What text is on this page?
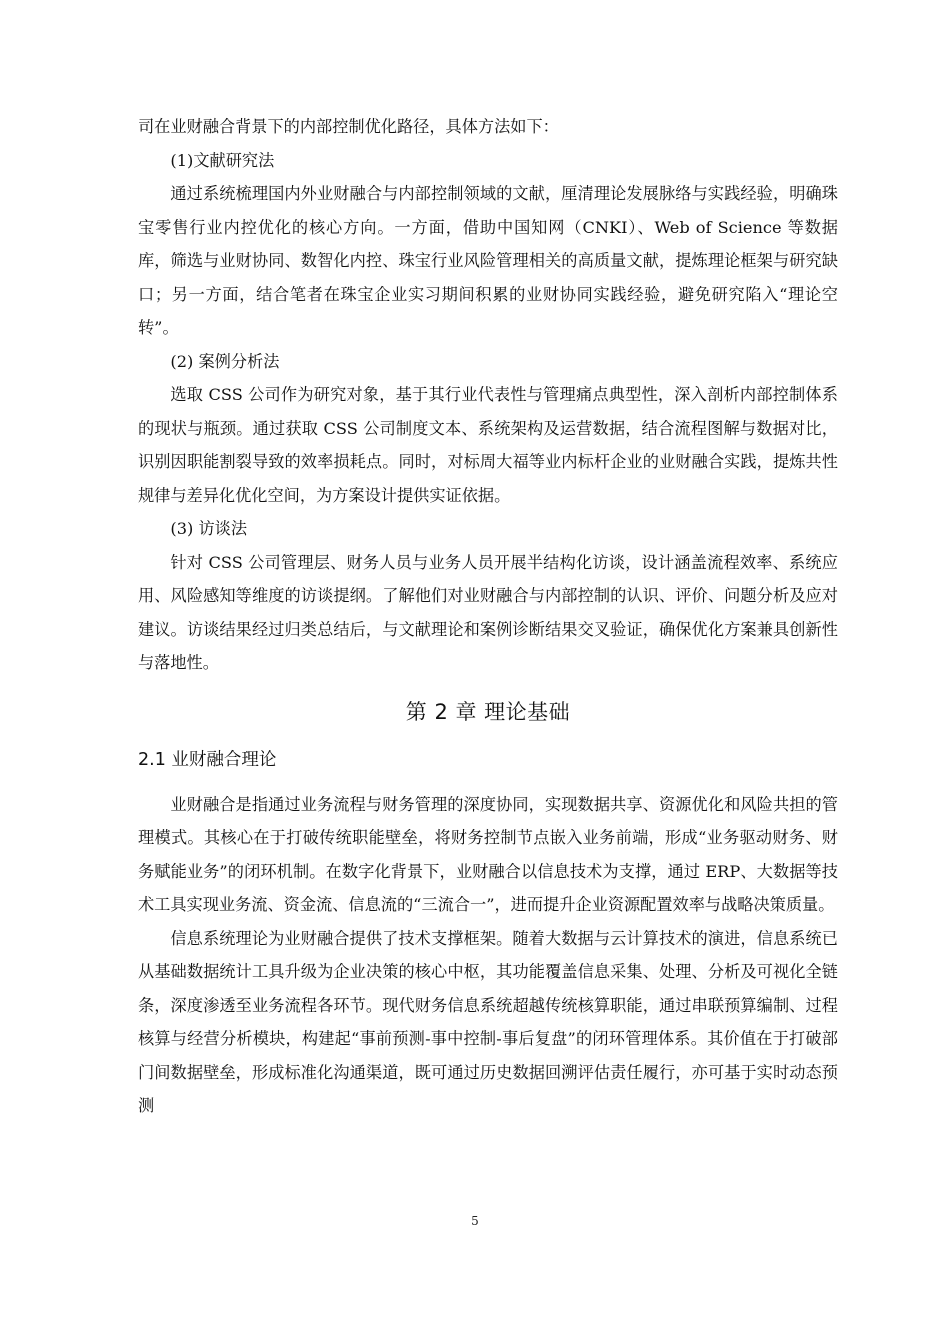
司在业财融合背景下的内部控制优化路径，具体方法如下：

(1)文献研究法

通过系统梳理国内外业财融合与内部控制领域的文献，厘清理论发展脉络与实践经验，明确珠宝零售行业内控优化的核心方向。一方面，借助中国知网（CNKI）、Web of Science 等数据库，筛选与业财协同、数智化内控、珠宝行业风险管理相关的高质量文献，提炼理论框架与研究缺口；另一方面，结合笔者在珠宝企业实习期间积累的业财协同实践经验，避免研究陷入“理论空转”。

(2) 案例分析法

选取 CSS 公司作为研究对象，基于其行业代表性与管理痛点典型性，深入剖析内部控制体系的现状与瓶颈。通过获取 CSS 公司制度文本、系统架构及运营数据，结合流程图解与数据对比，识别因职能割裂导致的效率损耗点。同时，对标周大福等业内标杆企业的业财融合实践，提炼共性规律与差异化优化空间，为方案设计提供实证依据。

(3) 访谈法

针对 CSS 公司管理层、财务人员与业务人员开展半结构化访谈，设计涵盖流程效率、系统应用、风险感知等维度的访谈提纲。了解他们对业财融合与内部控制的认识、评价、问题分析及应对建议。访谈结果经过归类总结后，与文献理论和案例诊断结果交叉验证，确保优化方案兼具创新性与落地性。

第 2 章 理论基础
2.1 业财融合理论

业财融合是指通过业务流程与财务管理的深度协同，实现数据共享、资源优化和风险共担的管理模式。其核心在于打破传统职能壁垒，将财务控制节点嵌入业务前端，形成“业务驱动财务、财务赋能业务”的闭环机制。在数字化背景下，业财融合以信息技术为支撑，通过 ERP、大数据等技术工具实现业务流、资金流、信息流的“三流合一”，进而提升企业资源配置效率与战略决策质量。

信息系统理论为业财融合提供了技术支撑框架。随着大数据与云计算技术的演进，信息系统已从基础数据统计工具升级为企业决策的核心中枢，其功能覆盖信息采集、处理、分析及可视化全链条，深度渗透至业务流程各环节。现代财务信息系统超越传统核算职能，通过串联预算编制、过程核算与经营分析模块，构建起“事前预测-事中控制-事后复盘”的闭环管理体系。其价值在于打破部门间数据壁垒，形成标准化沟通渠道，既可通过历史数据回溯评估责任履行，亦可基于实时动态预测

5
